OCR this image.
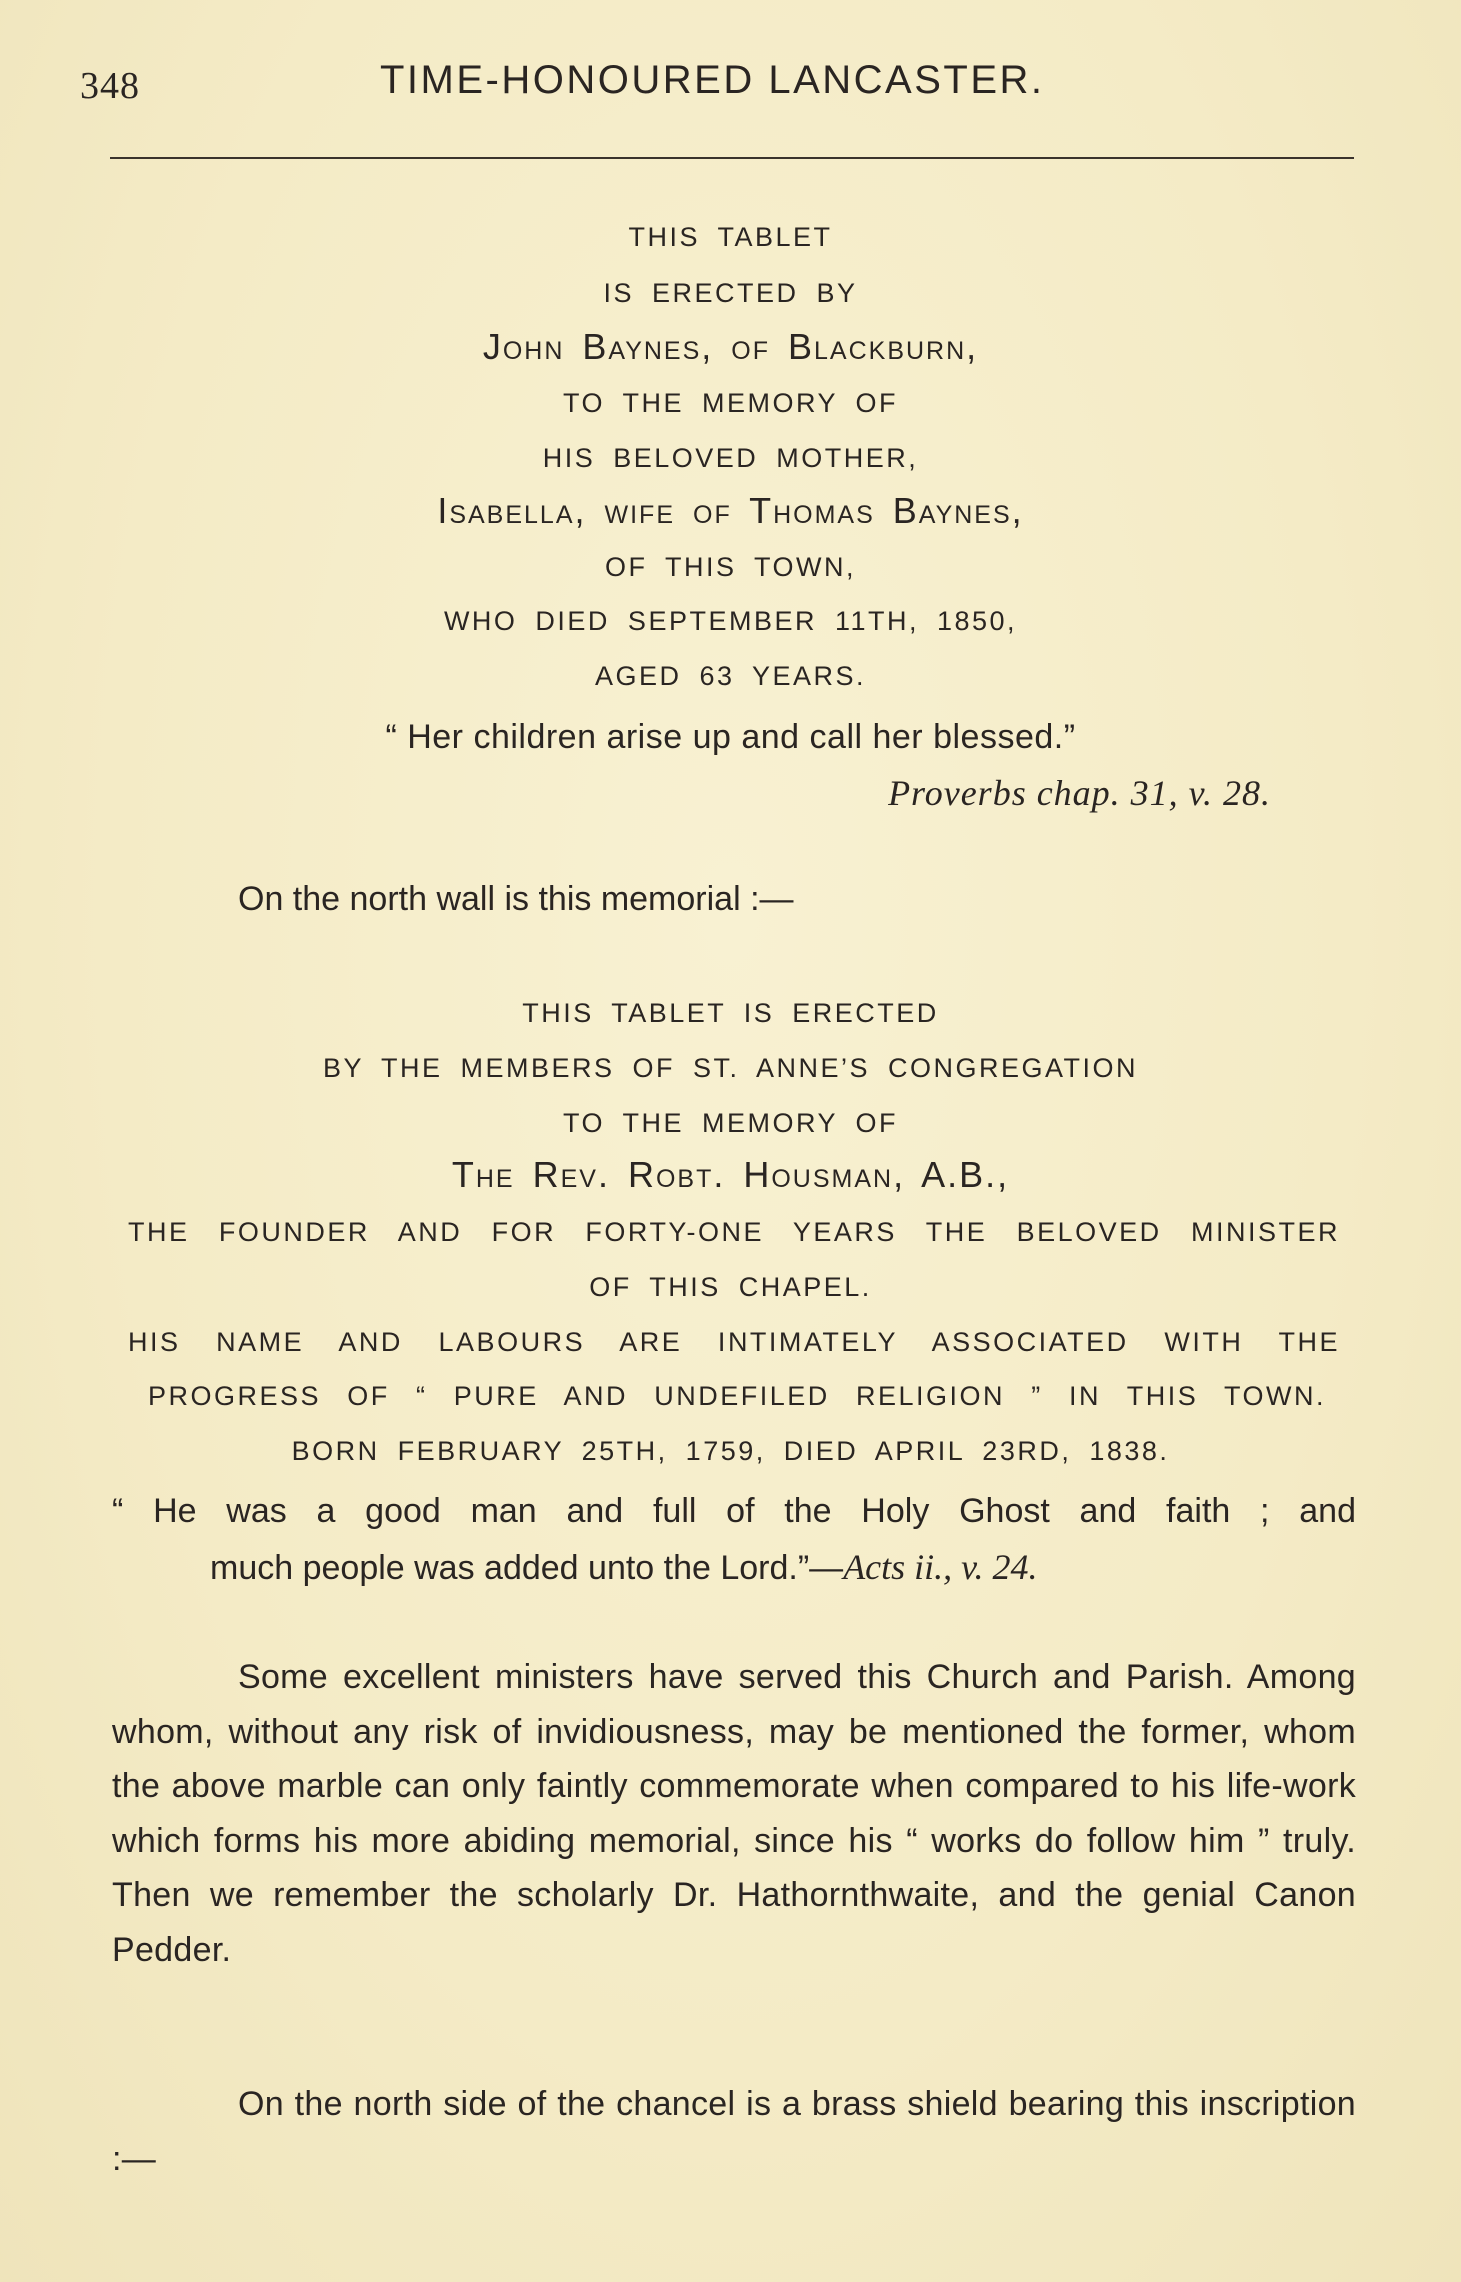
348	TIME-HONOURED LANCASTER.
THIS TABLET
IS ERECTED BY
John Baynes, of Blackburn,
TO THE MEMORY OF
HIS BELOVED MOTHER,
Isabella, wife of Thomas Baynes,
OF THIS TOWN,
WHO DIED SEPTEMBER 11TH, 1850,
AGED 63 YEARS.
“ Her children arise up and call her blessed.”
Proverbs chap. 31, v. 28.
On the north wall is this memorial :—
THIS TABLET IS ERECTED
BY THE MEMBERS OF ST. ANNE’S CONGREGATION
TO THE MEMORY OF
The Rev. Robt. Housman, A.B.,
THE FOUNDER AND FOR FORTY-ONE YEARS THE BELOVED MINISTER
OF THIS CHAPEL.
HIS NAME AND LABOURS ARE INTIMATELY ASSOCIATED WITH THE
PROGRESS OF “ PURE AND UNDEFILED RELIGION ” IN THIS TOWN.
BORN FEBRUARY 25TH, 1759, DIED APRIL 23RD, 1838.
“ He was a good man and full of the Holy Ghost and faith ; and
much people was added unto the Lord.”—Acts ii., v. 24.

Some excellent ministers have served this Church and Parish. Among whom, without any risk of invidiousness, may be mentioned the former, whom the above marble can only faintly commemorate when compared to his life-work which forms his more abiding memorial, since his “ works do follow him ” truly. Then we remember the scholarly Dr. Hathornthwaite, and the genial Canon Pedder.

On the north side of the chancel is a brass shield bearing this inscription :—
